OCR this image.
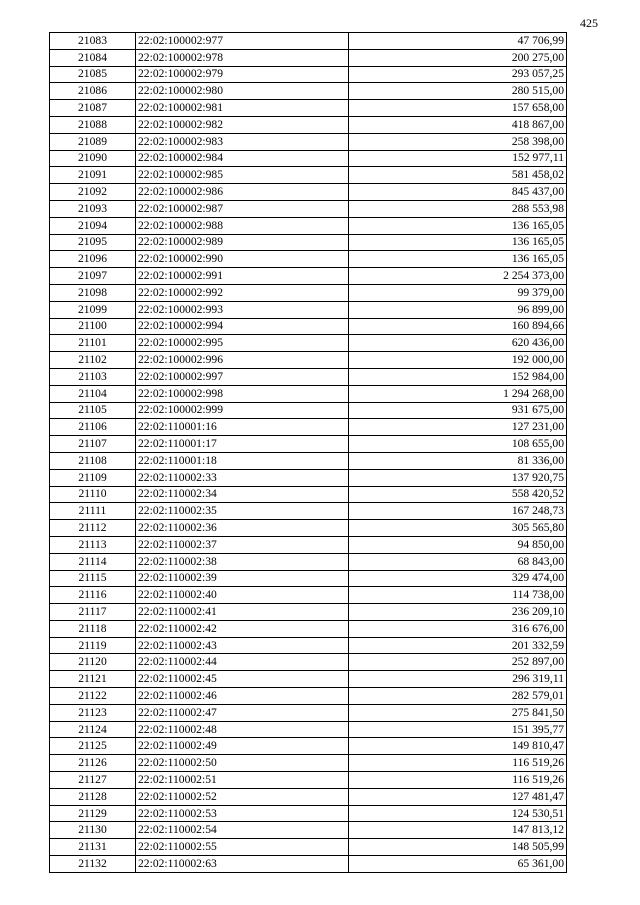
425
21083	22:02:100002:977	47 706,99
21084	22:02:100002:978	200 275,00
21085	22:02:100002:979	293 057,25
21086	22:02:100002:980	280 515,00
21087	22:02:100002:981	157 658,00
21088	22:02:100002:982	418 867,00
21089	22:02:100002:983	258 398,00
21090	22:02:100002:984	152 977,11
21091	22:02:100002:985	581 458,02
21092	22:02:100002:986	845 437,00
21093	22:02:100002:987	288 553,98
21094	22:02:100002:988	136 165,05
21095	22:02:100002:989	136 165,05
21096	22:02:100002:990	136 165,05
21097	22:02:100002:991	2 254 373,00
21098	22:02:100002:992	99 379,00
21099	22:02:100002:993	96 899,00
21100	22:02:100002:994	160 894,66
21101	22:02:100002:995	620 436,00
21102	22:02:100002:996	192 000,00
21103	22:02:100002:997	152 984,00
21104	22:02:100002:998	1 294 268,00
21105	22:02:100002:999	931 675,00
21106	22:02:110001:16	127 231,00
21107	22:02:110001:17	108 655,00
21108	22:02:110001:18	81 336,00
21109	22:02:110002:33	137 920,75
21110	22:02:110002:34	558 420,52
21111	22:02:110002:35	167 248,73
21112	22:02:110002:36	305 565,80
21113	22:02:110002:37	94 850,00
21114	22:02:110002:38	68 843,00
21115	22:02:110002:39	329 474,00
21116	22:02:110002:40	114 738,00
21117	22:02:110002:41	236 209,10
21118	22:02:110002:42	316 676,00
21119	22:02:110002:43	201 332,59
21120	22:02:110002:44	252 897,00
21121	22:02:110002:45	296 319,11
21122	22:02:110002:46	282 579,01
21123	22:02:110002:47	275 841,50
21124	22:02:110002:48	151 395,77
21125	22:02:110002:49	149 810,47
21126	22:02:110002:50	116 519,26
21127	22:02:110002:51	116 519,26
21128	22:02:110002:52	127 481,47
21129	22:02:110002:53	124 530,51
21130	22:02:110002:54	147 813,12
21131	22:02:110002:55	148 505,99
21132	22:02:110002:63	65 361,00
